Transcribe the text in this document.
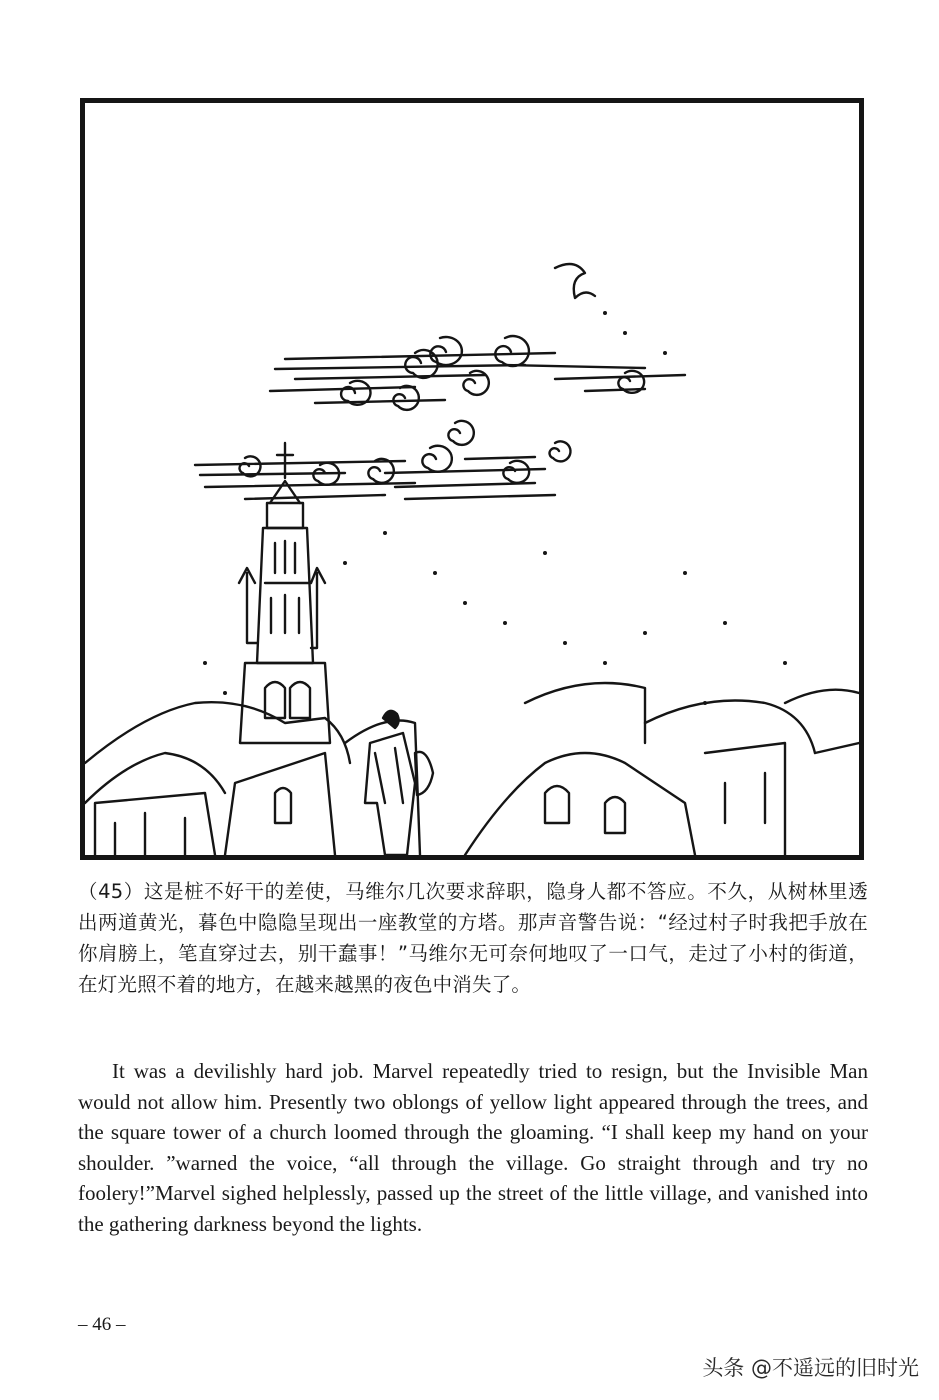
（45）这是桩不好干的差使，马维尔几次要求辞职，隐身人都不答应。不久，从树林里透出两道黄光，暮色中隐隐呈现出一座教堂的方塔。那声音警告说：“经过村子时我把手放在你肩膀上，笔直穿过去，别干蠢事！”马维尔无可奈何地叹了一口气，走过了小村的街道，在灯光照不着的地方，在越来越黑的夜色中消失了。

It was a devilishly hard job. Marvel repeatedly tried to resign, but the Invisible Man would not allow him. Presently two oblongs of yellow light appeared through the trees, and the square tower of a church loomed through the gloaming. “I shall keep my hand on your shoulder. ”warned the voice, “all through the village. Go straight through and try no foolery!”Marvel sighed helplessly, passed up the street of the little village, and vanished into the gathering darkness beyond the lights.

– 46 –
头条 @不遥远的旧时光
